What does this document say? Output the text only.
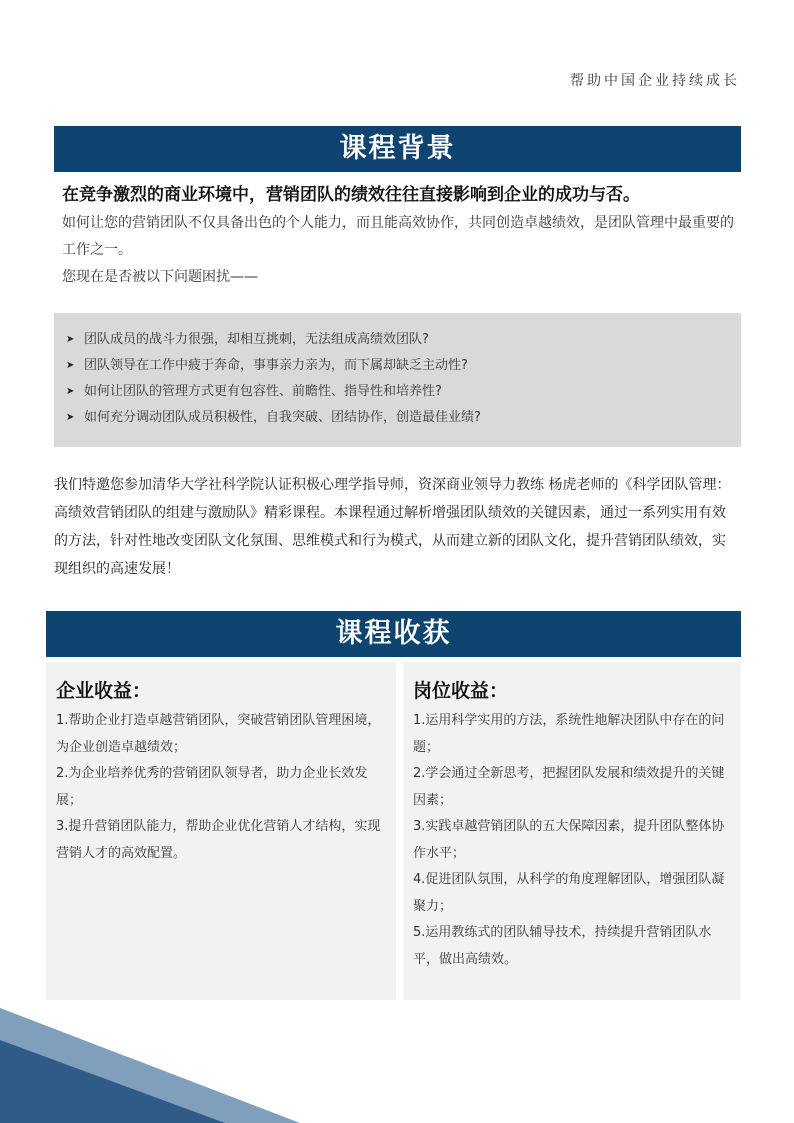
帮助中国企业持续成长
课程背景
在竞争激烈的商业环境中，营销团队的绩效往往直接影响到企业的成功与否。
如何让您的营销团队不仅具备出色的个人能力，而且能高效协作，共同创造卓越绩效，是团队管理中最重要的工作之一。
您现在是否被以下问题困扰——
➤ 团队成员的战斗力很强，却相互挑刺，无法组成高绩效团队?
➤ 团队领导在工作中疲于奔命，事事亲力亲为，而下属却缺乏主动性?
➤ 如何让团队的管理方式更有包容性、前瞻性、指导性和培养性?
➤ 如何充分调动团队成员积极性，自我突破、团结协作，创造最佳业绩?
我们特邀您参加清华大学社科学院认证积极心理学指导师，资深商业领导力教练 杨虎老师的《科学团队管理：高绩效营销团队的组建与激励队》精彩课程。本课程通过解析增强团队绩效的关键因素，通过一系列实用有效的方法，针对性地改变团队文化氛围、思维模式和行为模式，从而建立新的团队文化，提升营销团队绩效，实现组织的高速发展！
课程收获
企业收益：
1.帮助企业打造卓越营销团队，突破营销团队管理困境，为企业创造卓越绩效；
2.为企业培养优秀的营销团队领导者，助力企业长效发展；
3.提升营销团队能力，帮助企业优化营销人才结构，实现营销人才的高效配置。
岗位收益：
1.运用科学实用的方法，系统性地解决团队中存在的问题；
2.学会通过全新思考，把握团队发展和绩效提升的关键因素；
3.实践卓越营销团队的五大保障因素，提升团队整体协作水平；
4.促进团队氛围，从科学的角度理解团队，增强团队凝聚力；
5.运用教练式的团队辅导技术，持续提升营销团队水平，做出高绩效。
